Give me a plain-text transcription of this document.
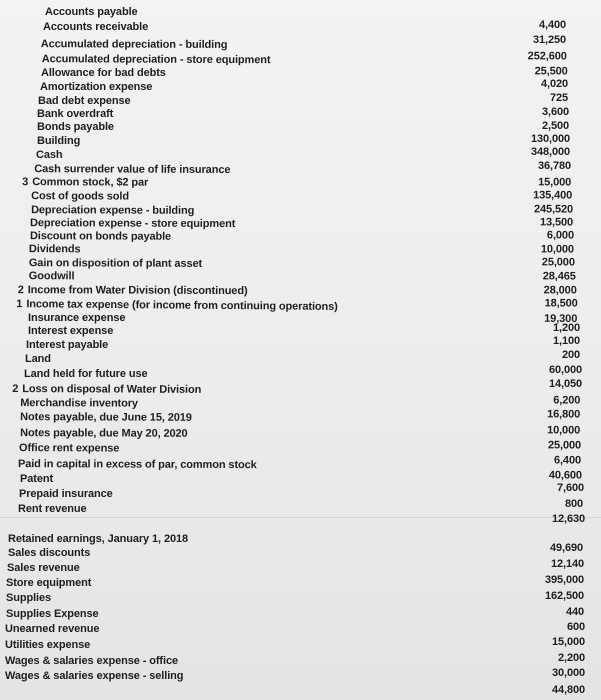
Accounts payable
4,400
Accounts receivable
31,250
Accumulated depreciation - building
252,600
Accumulated depreciation - store equipment
25,500
Allowance for bad debts
4,020
Amortization expense
725
Bad debt expense
3,600
Bank overdraft
2,500
Bonds payable
130,000
Building
348,000
Cash
36,780
Cash surrender value of life insurance
15,000
3 Common stock, $2 par
135,400
Cost of goods sold
245,520
Depreciation expense - building
13,500
Depreciation expense - store equipment
6,000
Discount on bonds payable
10,000
Dividends
25,000
Gain on disposition of plant asset
28,465
Goodwill
28,000
2 Income from Water Division (discontinued)
18,500
1 Income tax expense (for income from continuing operations)
19,300
Insurance expense
1,200
Interest expense
1,100
Interest payable
200
Land
60,000
Land held for future use
14,050
2 Loss on disposal of Water Division
6,200
Merchandise inventory
16,800
Notes payable, due June 15, 2019
10,000
Notes payable, due May 20, 2020
25,000
Office rent expense
6,400
Paid in capital in excess of par, common stock
40,600
Patent
7,600
Prepaid insurance
800
Rent revenue
12,630
Retained earnings, January 1, 2018
49,690
Sales discounts
12,140
Sales revenue
395,000
Store equipment
162,500
Supplies
440
Supplies Expense
600
Unearned revenue
15,000
Utilities expense
2,200
Wages & salaries expense - office
30,000
Wages & salaries expense - selling
44,800
